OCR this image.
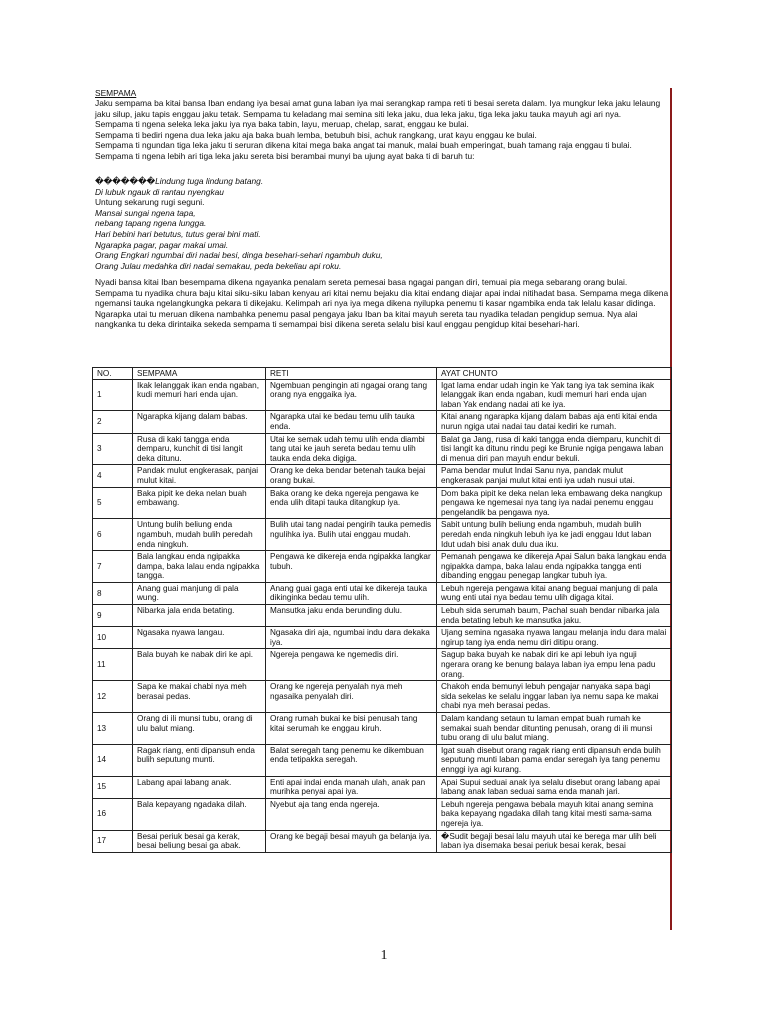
SEMPAMA
Jaku sempama ba kitai bansa Iban endang iya besai amat guna laban iya mai serangkap rampa reti ti besai sereta dalam. Iya mungkur leka jaku lelaung
jaku silup, jaku tapis enggau jaku tetak. Sempama tu keladang mai semina siti leka jaku, dua leka jaku, tiga leka jaku tauka mayuh agi ari nya.
Sempama ti ngena seleka leka jaku iya nya baka tabin, layu, meruap, chelap, sarat, enggau ke bulai.
Sempama ti bediri ngena dua leka jaku aja baka buah lemba, betubuh bisi, achuk rangkang, urat kayu enggau ke bulai.
Sempama ti ngundan tiga leka jaku ti seruran dikena kitai mega baka angat tai manuk, malai buah emperingat, buah tamang raja enggau ti bulai.
Sempama ti ngena lebih ari tiga leka jaku sereta bisi berambai munyi ba ujung ayat baka ti di baruh tu:
�������Lindung tuga lindung batang.
Di lubuk ngauk di rantau nyengkau
Untung sekarung rugi seguni.
Mansai sungai ngena tapa,
nebang tapang ngena lungga.
Hari bebini hari betutus, tutus gerai bini mati.
Ngarapka pagar, pagar makai umai.
Orang Engkari ngumbai diri nadai besi, dinga besehari-sehari ngambuh duku,
Orang Julau medahka diri nadai semakau, peda bekeliau api roku.
Nyadi bansa kitai Iban besempama dikena ngayanka penalam sereta pemesai basa ngagai pangan diri, temuai pia mega sebarang orang bulai.
Sempama tu nyadika chura baju kitai siku-siku laban kenyau ari kitai nemu bejaku dia kitai endang diajar apai indai nitihadat basa. Sempama mega dikena
ngemansi tauka ngelangkungka pekara ti dikejaku. Kelimpah ari nya iya mega dikena nyilupka penemu ti kasar ngambika enda tak lelalu kasar didinga.
Ngarapka utai tu meruan dikena nambahka penemu pasal pengaya jaku Iban ba kitai mayuh sereta tau nyadika teladan pengidup semua. Nya alai
nangkanka tu deka dirintaika sekeda sempama ti semampai bisi dikena sereta selalu bisi kaul enggau pengidup kitai besehari-hari.
NO.	SEMPAMA	RETI	AYAT CHUNTO
1	Ikak lelanggak ikan enda ngaban, kudi memuri hari enda ujan.	Ngembuan pengingin ati ngagai orang tang orang nya enggaika iya.	Igat lama endar udah ingin ke Yak tang iya tak semina ikak lelanggak ikan enda ngaban, kudi memuri hari enda ujan laban Yak endang nadai ati ke iya.
2	Ngarapka kijang dalam babas.	Ngarapka utai ke bedau temu ulih tauka enda.	Kitai anang ngarapka kijang dalam babas aja enti kitai enda nurun ngiga utai nadai tau datai kediri ke rumah.
3	Rusa di kaki tangga enda demparu, kunchit di tisi langit deka ditunu.	Utai ke semak udah temu ulih enda diambi tang utai ke jauh sereta bedau temu ulih tauka enda deka digiga.	Balat ga Jang, rusa di kaki tangga enda diemparu, kunchit di tisi langit ka ditunu rindu pegi ke Brunie ngiga pengawa laban di menua diri pan mayuh endur bekuli.
4	Pandak mulut engkerasak, panjai mulut kitai.	Orang ke deka bendar betenah tauka bejai orang bukai.	Pama bendar mulut Indai Sanu nya, pandak mulut engkerasak panjai mulut kitai enti iya udah nusui utai.
5	Baka pipit ke deka nelan buah embawang.	Baka orang ke deka ngereja pengawa ke enda ulih ditapi tauka ditangkup iya.	Dom baka pipit ke deka nelan leka embawang deka nangkup pengawa ke ngemesai nya tang iya nadai penemu enggau pengelandik ba pengawa nya.
6	Untung bulih beliung enda ngambuh, mudah bulih peredah enda ningkuh.	Bulih utai tang nadai pengirih tauka pemedis ngulihka iya. Bulih utai enggau mudah.	Sabit untung bulih beliung enda ngambuh, mudah bulih peredah enda ningkuh lebuh iya ke jadi enggau Idut laban Idut udah bisi anak dulu dua iku.
7	Bala langkau enda ngipakka dampa, baka lalau enda ngipakka tangga.	Pengawa ke dikereja enda ngipakka langkar tubuh.	Pemanah pengawa ke dikereja Apai Salun baka langkau enda ngipakka dampa, baka lalau enda ngipakka tangga enti dibanding enggau penegap langkar tubuh iya.
8	Anang guai manjung di pala wung.	Anang guai gaga enti utai ke dikereja tauka dikinginka bedau temu ulih.	Lebuh ngereja pengawa kitai anang beguai manjung di pala wung enti utai nya bedau temu ulih digaga kitai.
9	Nibarka jala enda betating.	Mansutka jaku enda berunding dulu.	Lebuh sida serumah baum, Pachal suah bendar nibarka jala enda betating lebuh ke mansutka jaku.
10	Ngasaka nyawa langau.	Ngasaka diri aja, ngumbai indu dara dekaka iya.	Ujang semina ngasaka nyawa langau melanja indu dara malai ngirup tang iya enda nemu diri ditipu orang.
11	Bala buyah ke nabak diri ke api.	Ngereja pengawa ke ngemedis diri.	Sagup baka buyah ke nabak diri ke api lebuh iya nguji ngerara orang ke benung balaya laban iya empu lena padu orang.
12	Sapa ke makai chabi nya meh berasai pedas.	Orang ke ngereja penyalah nya meh ngasaika penyalah diri.	Chakoh enda bemunyi lebuh pengajar nanyaka sapa bagi sida sekelas ke selalu inggar laban iya nemu sapa ke makai chabi nya meh berasai pedas.
13	Orang di ili munsi tubu, orang di ulu balut miang.	Orang rumah bukai ke bisi penusah tang kitai serumah ke enggau kiruh.	Dalam kandang setaun tu laman empat buah rumah ke semakai suah bendar ditunting penusah, orang di ili munsi tubu orang di ulu balut miang.
14	Ragak riang, enti dipansuh enda bulih seputung munti.	Balat seregah tang penemu ke dikembuan enda tetipakka seregah.	Igat suah disebut orang ragak riang enti dipansuh enda bulih seputung munti laban pama endar seregah iya tang penemu ennggi iya agi kurang.
15	Labang apai labang anak.	Enti apai indai enda manah ulah, anak pan murihka penyai apai iya.	Apai Supui seduai anak iya selalu disebut orang labang apai labang anak laban seduai sama enda manah jari.
16	Bala kepayang ngadaka dilah.	Nyebut aja tang enda ngereja.	Lebuh ngereja pengawa bebala mayuh kitai anang semina baka kepayang ngadaka dilah tang kitai mesti sama-sama ngereja iya.
17	Besai periuk besai ga kerak, besai beliung besai ga abak.	Orang ke begaji besai mayuh ga belanja iya.	�Sudit begaji besai lalu mayuh utai ke berega mar ulih beli laban iya disemaka besai periuk besai kerak, besai
1
